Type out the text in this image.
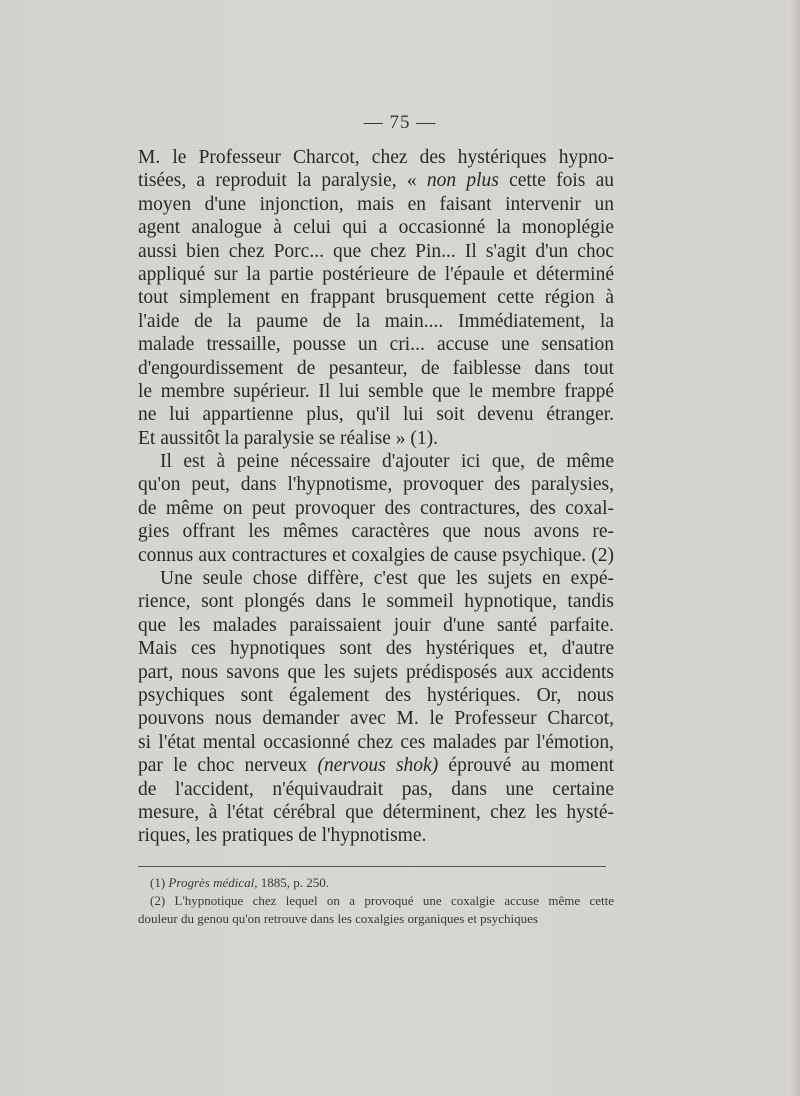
— 75 —
M. le Professeur Charcot, chez des hystériques hypno-
tisées, a reproduit la paralysie, « non plus cette fois au
moyen d'une injonction, mais en faisant intervenir un
agent analogue à celui qui a occasionné la monoplégie
aussi bien chez Porc... que chez Pin... Il s'agit d'un choc
appliqué sur la partie postérieure de l'épaule et déterminé
tout simplement en frappant brusquement cette région à
l'aide de la paume de la main.... Immédiatement, la
malade tressaille, pousse un cri... accuse une sensation
d'engourdissement de pesanteur, de faiblesse dans tout
le membre supérieur. Il lui semble que le membre frappé
ne lui appartienne plus, qu'il lui soit devenu étranger.
Et aussitôt la paralysie se réalise » (1).
Il est à peine nécessaire d'ajouter ici que, de même
qu'on peut, dans l'hypnotisme, provoquer des paralysies,
de même on peut provoquer des contractures, des coxal-
gies offrant les mêmes caractères que nous avons re-
connus aux contractures et coxalgies de cause psychique. (2)
Une seule chose diffère, c'est que les sujets en expé-
rience, sont plongés dans le sommeil hypnotique, tandis
que les malades paraissaient jouir d'une santé parfaite.
Mais ces hypnotiques sont des hystériques et, d'autre
part, nous savons que les sujets prédisposés aux accidents
psychiques sont également des hystériques. Or, nous
pouvons nous demander avec M. le Professeur Charcot,
si l'état mental occasionné chez ces malades par l'émotion,
par le choc nerveux (nervous shok) éprouvé au moment
de l'accident, n'équivaudrait pas, dans une certaine
mesure, à l'état cérébral que déterminent, chez les hysté-
riques, les pratiques de l'hypnotisme.
(1) Progrès médical, 1885, p. 250.
(2) L'hypnotique chez lequel on a provoqué une coxalgie accuse même cette
douleur du genou qu'on retrouve dans les coxalgies organiques et psychiques
